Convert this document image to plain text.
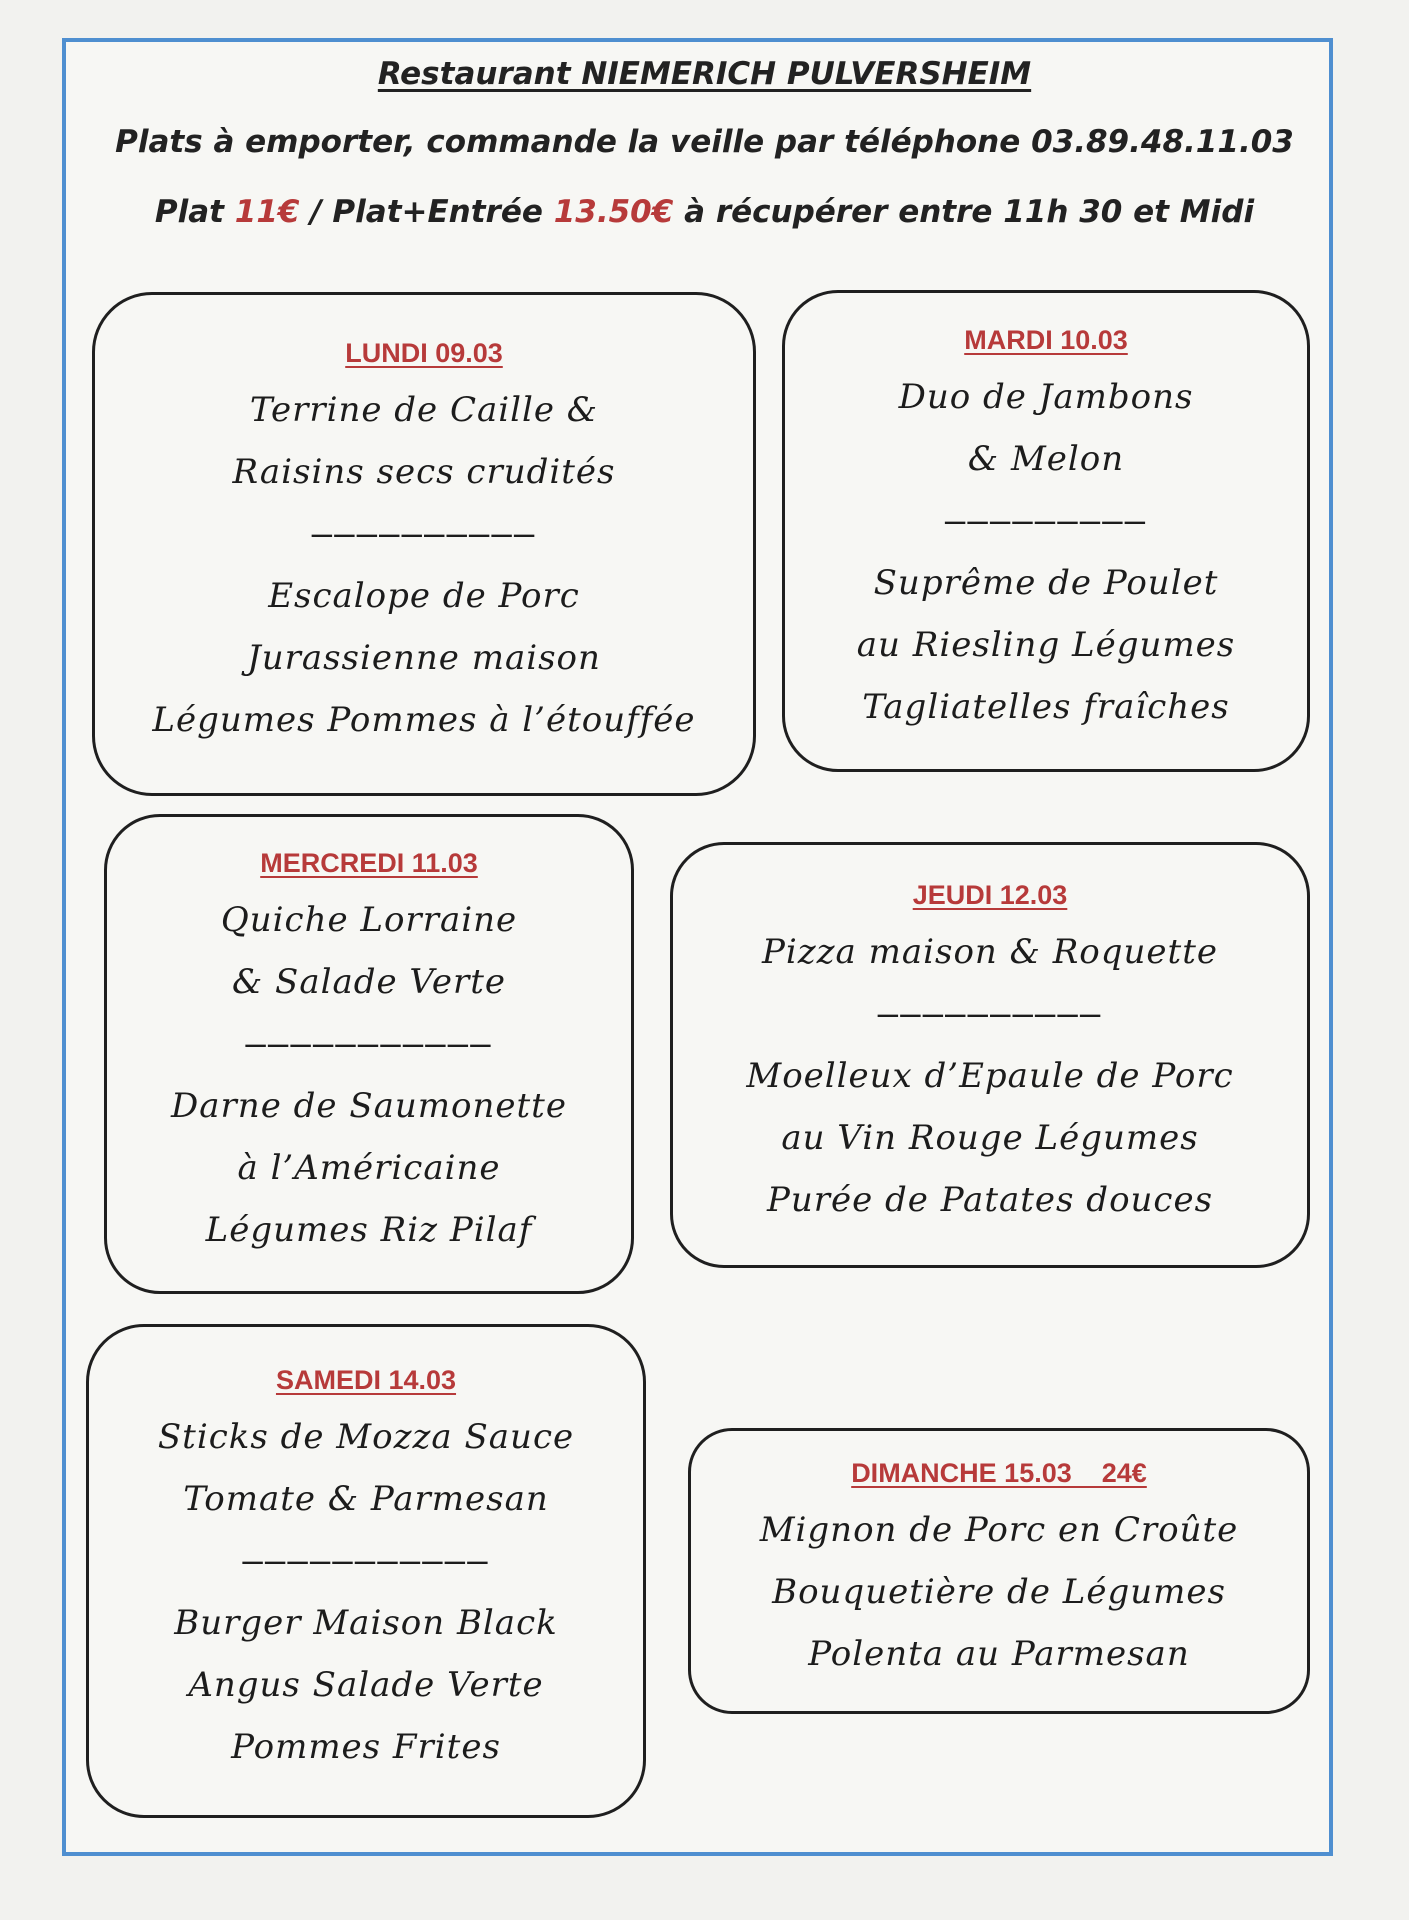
Restaurant NIEMERICH PULVERSHEIM
Plats à emporter, commande la veille par téléphone 03.89.48.11.03
Plat 11€ / Plat+Entrée 13.50€ à récupérer entre 11h 30 et Midi
LUNDI 09.03
Terrine de Caille &
Raisins secs crudités
––––––––––
Escalope de Porc
Jurassienne maison
Légumes Pommes à l’étouffée
MARDI 10.03
Duo de Jambons
& Melon
–––––––––
Suprême de Poulet
au Riesling Légumes
Tagliatelles fraîches
MERCREDI 11.03
Quiche Lorraine
& Salade Verte
–––––––––––
Darne de Saumonette
à l’Américaine
Légumes Riz Pilaf
JEUDI 12.03
Pizza maison & Roquette
––––––––––
Moelleux d’Epaule de Porc
au Vin Rouge Légumes
Purée de Patates douces
SAMEDI 14.03
Sticks de Mozza Sauce
Tomate & Parmesan
–––––––––––
Burger Maison Black
Angus Salade Verte
Pommes Frites
DIMANCHE 15.03    24€
Mignon de Porc en Croûte
Bouquetière de Légumes
Polenta au Parmesan
